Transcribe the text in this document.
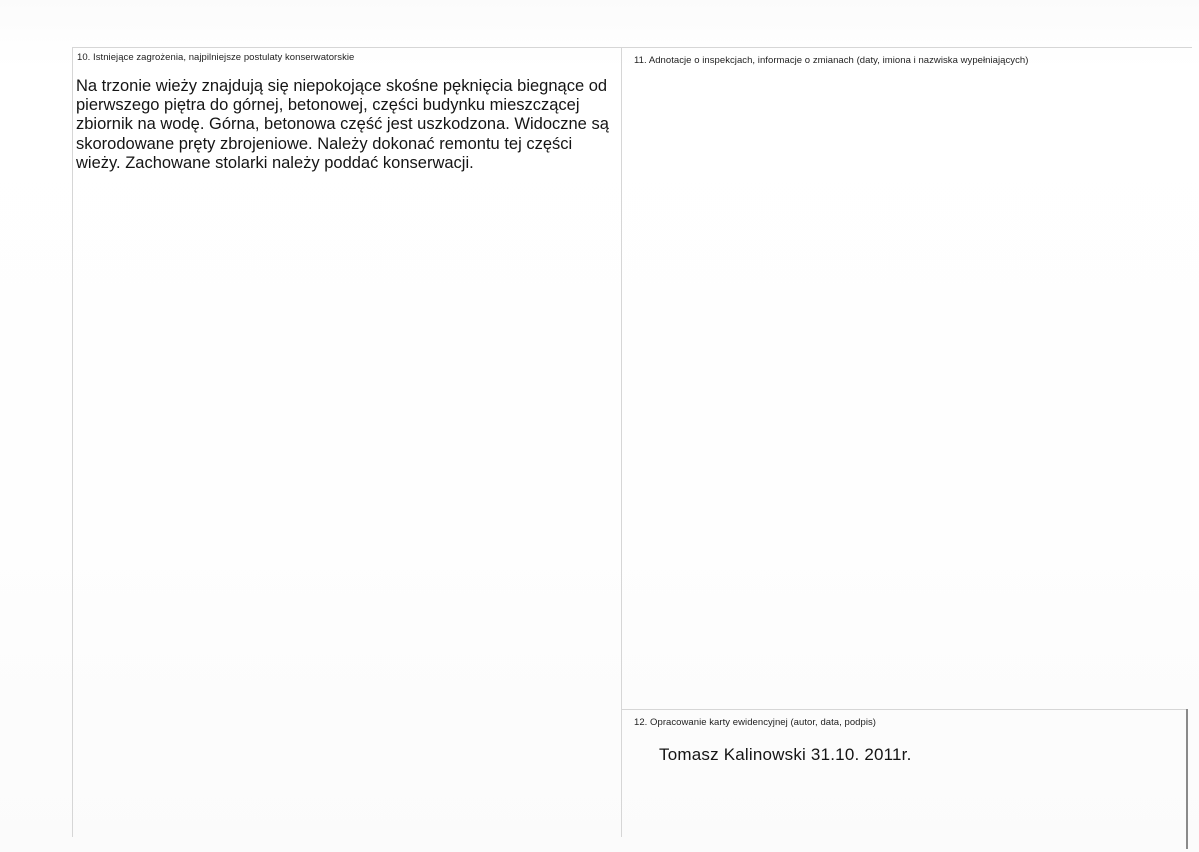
10. Istniejące zagrożenia, najpilniejsze postulaty konserwatorskie

Na trzonie wieży znajdują się niepokojące skośne pęknięcia biegnące od pierwszego piętra do górnej, betonowej, części budynku mieszczącej zbiornik na wodę. Górna, betonowa część jest uszkodzona. Widoczne są skorodowane pręty zbrojeniowe. Należy dokonać remontu tej części wieży. Zachowane stolarki należy poddać konserwacji.

11. Adnotacje o inspekcjach, informacje o zmianach (daty, imiona i nazwiska wypełniających)
12. Opracowanie karty ewidencyjnej (autor, data, podpis)
Tomasz Kalinowski 31.10. 2011r.
